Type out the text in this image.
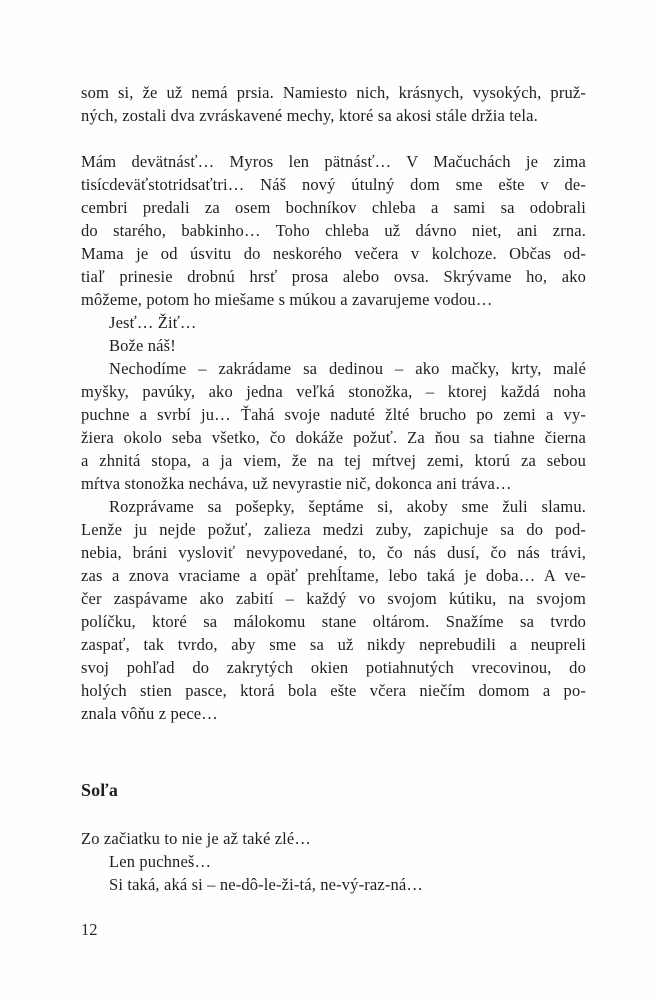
som si, že už nemá prsia. Namiesto nich, krásnych, vysokých, pruž-
ných, zostali dva zvráskavené mechy, ktoré sa akosi stále držia tela.
Mám devätnásť… Myros len pätnásť… V Mačuchách je zima
tisícdeväťstotridsaťtri… Náš nový útulný dom sme ešte v de-
cembri predali za osem bochníkov chleba a sami sa odobrali
do starého, babkinho… Toho chleba už dávno niet, ani zrna.
Mama je od úsvitu do neskorého večera v kolchoze. Občas od-
tiaľ prinesie drobnú hrsť prosa alebo ovsa. Skrývame ho, ako
môžeme, potom ho miešame s múkou a zavarujeme vodou…
Jesť… Žiť…
Bože náš!
Nechodíme – zakrádame sa dedinou – ako mačky, krty, malé
myšky, pavúky, ako jedna veľká stonožka, – ktorej každá noha
puchne a svrbí ju… Ťahá svoje naduté žlté brucho po zemi a vy-
žiera okolo seba všetko, čo dokáže požuť. Za ňou sa tiahne čierna
a zhnitá stopa, a ja viem, že na tej mŕtvej zemi, ktorú za sebou
mŕtva stonožka necháva, už nevyrastie nič, dokonca ani tráva…
Rozprávame sa pošepky, šeptáme si, akoby sme žuli slamu.
Lenže ju nejde požuť, zalieza medzi zuby, zapichuje sa do pod-
nebia, bráni vysloviť nevypovedané, to, čo nás dusí, čo nás trávi,
zas a znova vraciame a opäť prehĺtame, lebo taká je doba… A ve-
čer zaspávame ako zabití – každý vo svojom kútiku, na svojom
políčku, ktoré sa málokomu stane oltárom. Snažíme sa tvrdo
zaspať, tak tvrdo, aby sme sa už nikdy neprebudili a neupreli
svoj pohľad do zakrytých okien potiahnutých vrecovinou, do
holých stien pasce, ktorá bola ešte včera niečím domom a po-
znala vôňu z pece…
Soľa
Zo začiatku to nie je až také zlé…
Len puchneš…
Si taká, aká si – ne-dô-le-ži-tá, ne-vý-raz-ná…
12
